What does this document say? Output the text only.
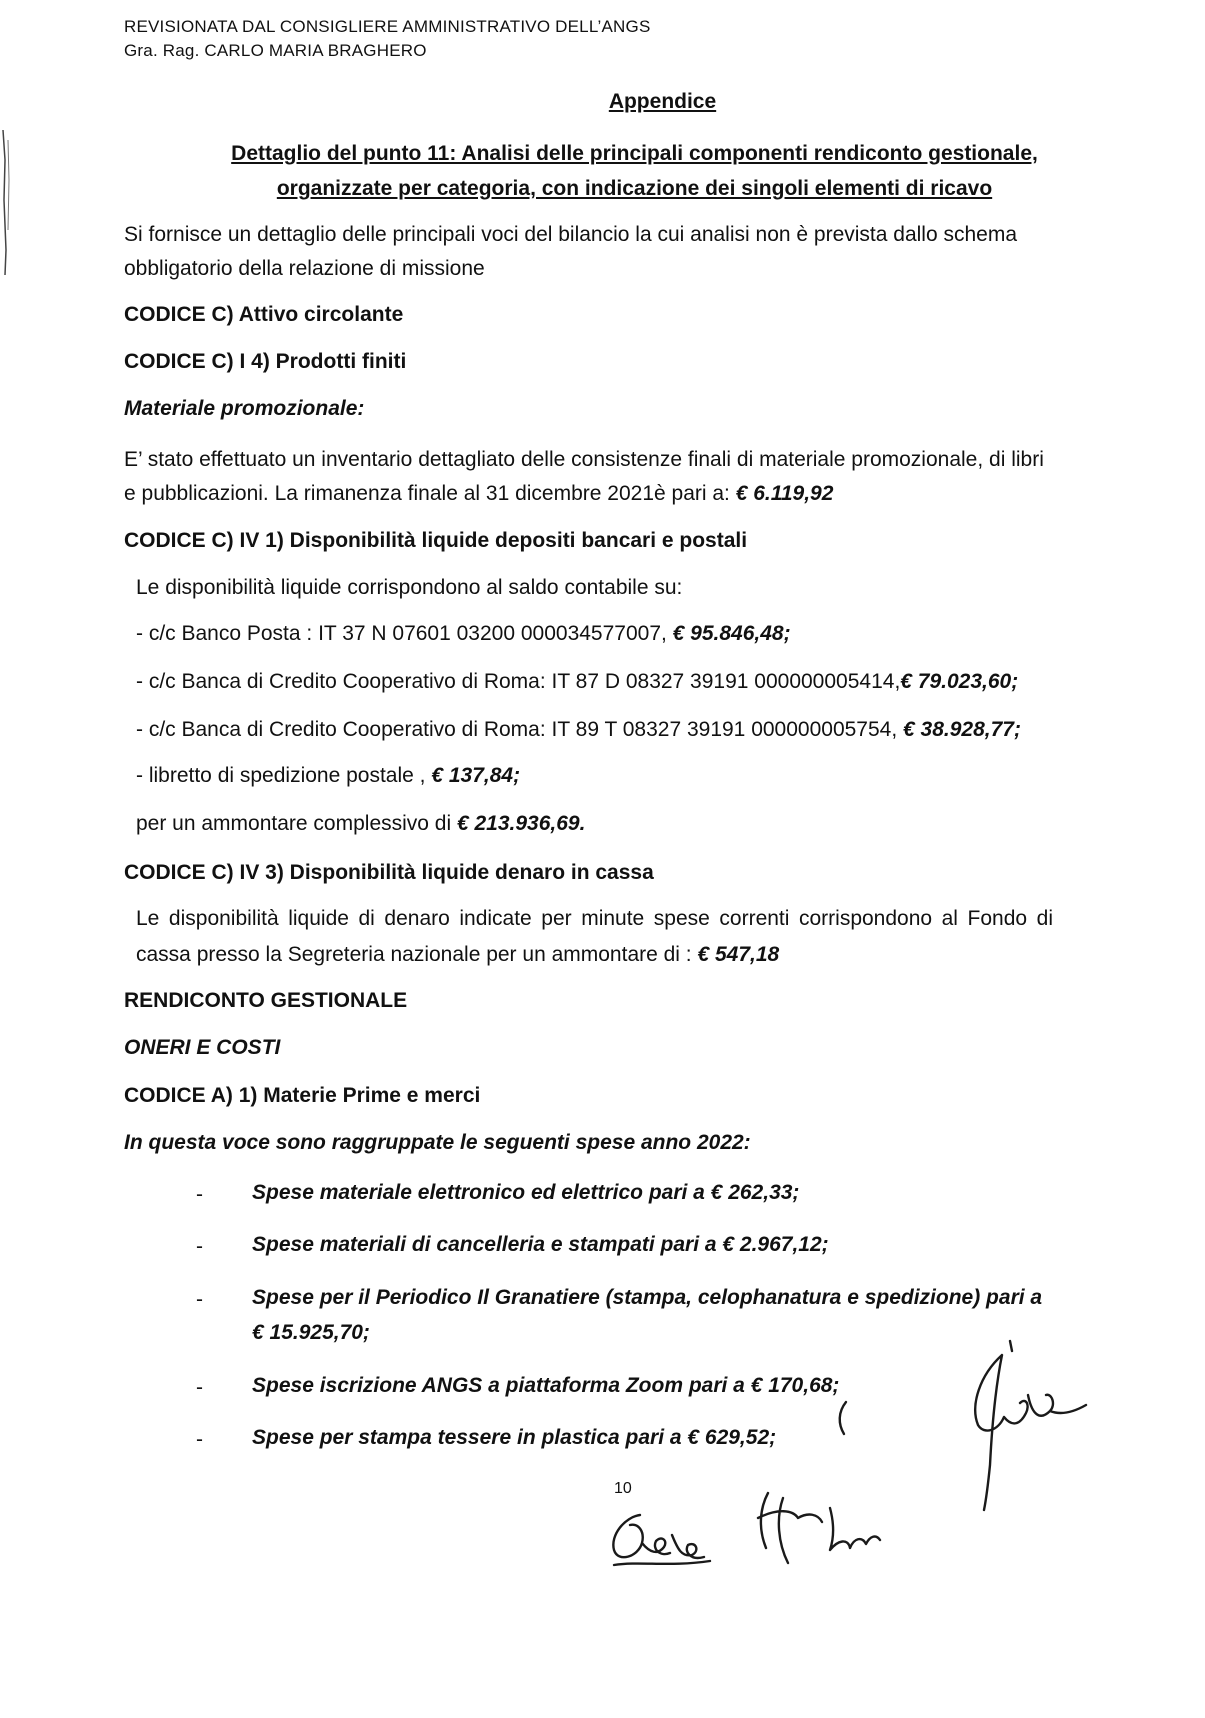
REVISIONATA DAL CONSIGLIERE AMMINISTRATIVO DELL’ANGS
Gra. Rag. CARLO MARIA BRAGHERO
Appendice
Dettaglio del punto 11: Analisi delle principali componenti rendiconto gestionale,
organizzate per categoria, con indicazione dei singoli elementi di ricavo
Si fornisce un dettaglio delle principali voci del bilancio la cui analisi non è prevista dallo schema
obbligatorio della relazione di missione
CODICE C) Attivo circolante
CODICE C) I 4) Prodotti finiti
Materiale promozionale:
E’ stato effettuato un inventario dettagliato delle consistenze finali di materiale promozionale, di libri
e pubblicazioni. La rimanenza finale al 31 dicembre 2021è pari a: € 6.119,92
CODICE C) IV 1) Disponibilità liquide depositi bancari e postali
Le disponibilità liquide corrispondono al saldo contabile su:
- c/c Banco Posta : IT 37 N 07601 03200 000034577007, € 95.846,48;
- c/c Banca di Credito Cooperativo di Roma: IT 87 D 08327 39191 000000005414,€ 79.023,60;
- c/c Banca di Credito Cooperativo di Roma: IT 89 T 08327 39191 000000005754, € 38.928,77;
- libretto di spedizione postale , € 137,84;
per un ammontare complessivo di € 213.936,69.
CODICE C) IV 3) Disponibilità liquide denaro in cassa
Le disponibilità liquide di denaro indicate per minute spese correnti corrispondono al Fondo di
cassa presso la Segreteria nazionale per un ammontare di : € 547,18
RENDICONTO GESTIONALE
ONERI E COSTI
CODICE A) 1) Materie Prime e merci
In questa voce sono raggruppate le seguenti spese anno 2022:
- Spese materiale elettronico ed elettrico pari a € 262,33;
- Spese materiali di cancelleria e stampati pari a € 2.967,12;
- Spese per il Periodico Il Granatiere (stampa, celophanatura e spedizione) pari a
€ 15.925,70;
- Spese iscrizione ANGS a piattaforma Zoom pari a € 170,68;
- Spese per stampa tessere in plastica pari a € 629,52;
10
